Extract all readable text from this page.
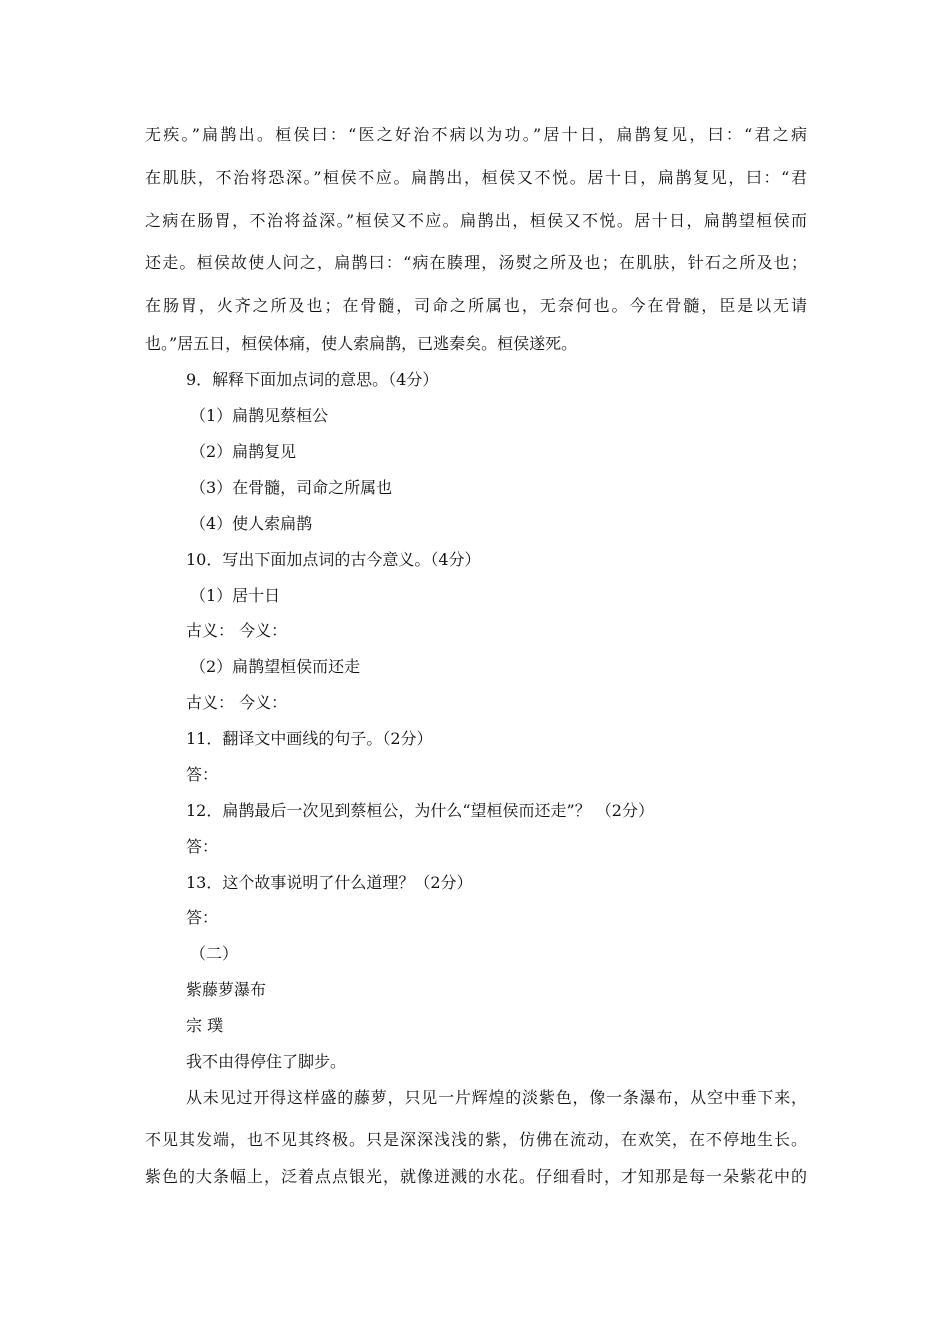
无疾。”扁鹊出。桓侯曰：“医之好治不病以为功。”居十日，扁鹊复见，曰：“君之病
在肌肤，不治将恐深。”桓侯不应。扁鹊出，桓侯又不悦。居十日，扁鹊复见，曰：“君
之病在肠胃，不治将益深。”桓侯又不应。扁鹊出，桓侯又不悦。居十日，扁鹊望桓侯而
还走。桓侯故使人问之，扁鹊曰：“病在腠理，汤熨之所及也；在肌肤，针石之所及也；
在肠胃，火齐之所及也；在骨髓，司命之所属也，无奈何也。今在骨髓，臣是以无请
也。”居五日，桓侯体痛，使人索扁鹊，已逃秦矣。桓侯遂死。
9．解释下面加点词的意思。（4分）
（1）扁鹊见蔡桓公
（2）扁鹊复见
（3）在骨髓，司命之所属也
（4）使人索扁鹊
10．写出下面加点词的古今意义。（4分）
（1）居十日
古义： 今义：
（2）扁鹊望桓侯而还走
古义： 今义：
11．翻译文中画线的句子。（2分）
答：
12．扁鹊最后一次见到蔡桓公，为什么“望桓侯而还走”？ （2分）
答：
13．这个故事说明了什么道理？（2分）
答：
（二）
紫藤萝瀑布
宗 璞
我不由得停住了脚步。
从未见过开得这样盛的藤萝，只见一片辉煌的淡紫色，像一条瀑布，从空中垂下来，
不见其发端，也不见其终极。只是深深浅浅的紫，仿佛在流动，在欢笑，在不停地生长。
紫色的大条幅上，泛着点点银光，就像迸溅的水花。仔细看时，才知那是每一朵紫花中的
